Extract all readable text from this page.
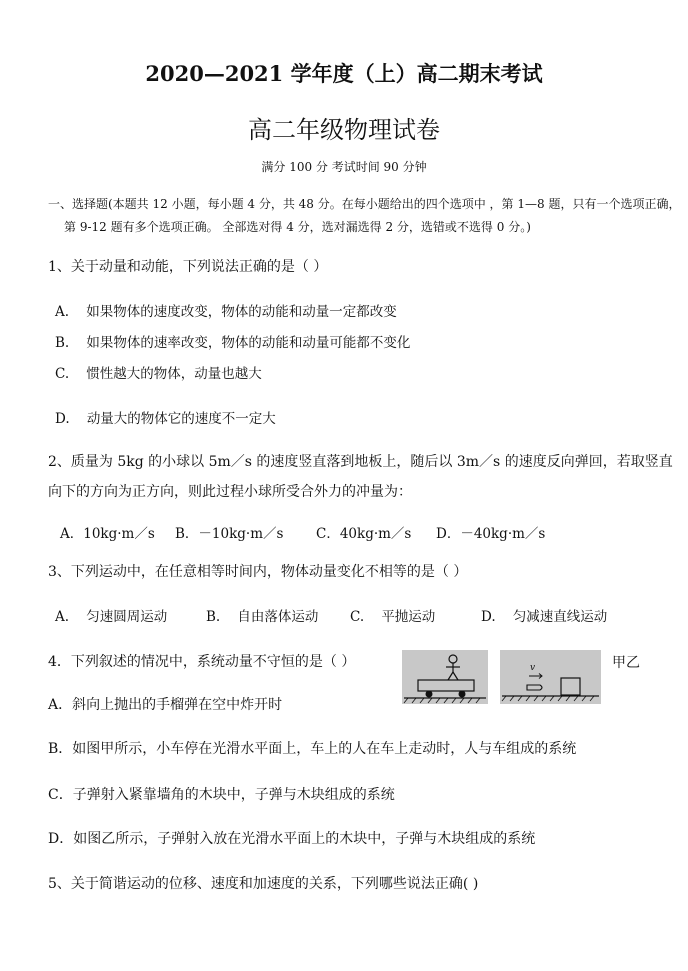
2020—2021 学年度（上）高二期末考试
高二年级物理试卷
满分 100 分 考试时间 90 分钟
一、选择题(本题共 12 小题，每小题 4 分，共 48 分。在每小题给出的四个选项中 ，第 1—8 题，只有一个选项正确，
第 9-12 题有多个选项正确。 全部选对得 4 分，选对漏选得 2 分，选错或不选得 0 分。)
1、关于动量和动能，下列说法正确的是（ ）
A. 如果物体的速度改变，物体的动能和动量一定都改变
B. 如果物体的速率改变，物体的动能和动量可能都不变化
C. 惯性越大的物体，动量也越大
D. 动量大的物体它的速度不一定大
2、质量为 5kg 的小球以 5m／s 的速度竖直落到地板上，随后以 3m／s 的速度反向弹回，若取竖直
向下的方向为正方向，则此过程小球所受合外力的冲量为：
A．10kg·m／s B．－10kg·m／s C．40kg·m／s D．－40kg·m／s
3、下列运动中，在任意相等时间内，物体动量变化不相等的是（ ）
A. 匀速圆周运动	B. 自由落体运动 C. 平抛运动	D. 匀减速直线运动
4．下列叙述的情况中，系统动量不守恒的是（ ）	v	甲乙
A．斜向上抛出的手榴弹在空中炸开时
B．如图甲所示，小车停在光滑水平面上，车上的人在车上走动时，人与车组成的系统
C．子弹射入紧靠墙角的木块中，子弹与木块组成的系统
D．如图乙所示，子弹射入放在光滑水平面上的木块中，子弹与木块组成的系统
5、关于简谐运动的位移、速度和加速度的关系，下列哪些说法正确( )
